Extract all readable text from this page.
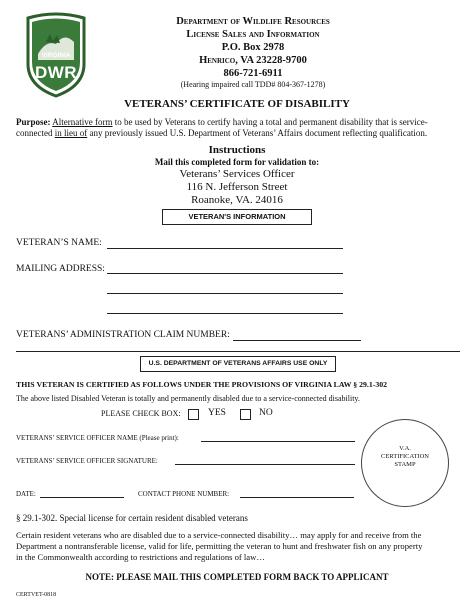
VIRGINIA
DWR
Department of Wildlife Resources
License Sales and Information
P.O. Box 2978
Henrico, VA 23228-9700
866-721-6911
(Hearing impaired call TDD# 804-367-1278)
VETERANS’ CERTIFICATE OF DISABILITY
Purpose: Alternative form to be used by Veterans to certify having a total and permanent disability that is service-
connected in lieu of any previously issued U.S. Department of Veterans’ Affairs document reflecting qualification.
Instructions
Mail this completed form for validation to:
Veterans’ Services Officer
116 N. Jefferson Street
Roanoke, VA. 24016
VETERAN'S INFORMATION
VETERAN’S NAME:
MAILING ADDRESS:
VETERANS’ ADMINISTRATION CLAIM NUMBER:
U.S. DEPARTMENT OF VETERANS AFFAIRS USE ONLY
THIS VETERAN IS CERTIFIED AS FOLLOWS UNDER THE PROVISIONS OF VIRGINIA LAW § 29.1-302
The above listed Disabled Veteran is totally and permanently disabled due to a service-connected disability.
PLEASE CHECK BOX:	YES	NO
VETERANS’ SERVICE OFFICER NAME (Please print):
VETERANS’ SERVICE OFFICER SIGNATURE:
DATE:	CONTACT PHONE NUMBER:
V.A.
CERTIFICATION
STAMP
§ 29.1-302. Special license for certain resident disabled veterans
Certain resident veterans who are disabled due to a service-connected disability… may apply for and receive from the
Department a nontransferable license, valid for life, permitting the veteran to hunt and freshwater fish on any property
in the Commonwealth according to restrictions and regulations of law…
NOTE: PLEASE MAIL THIS COMPLETED FORM BACK TO APPLICANT
CERTVET-0818
